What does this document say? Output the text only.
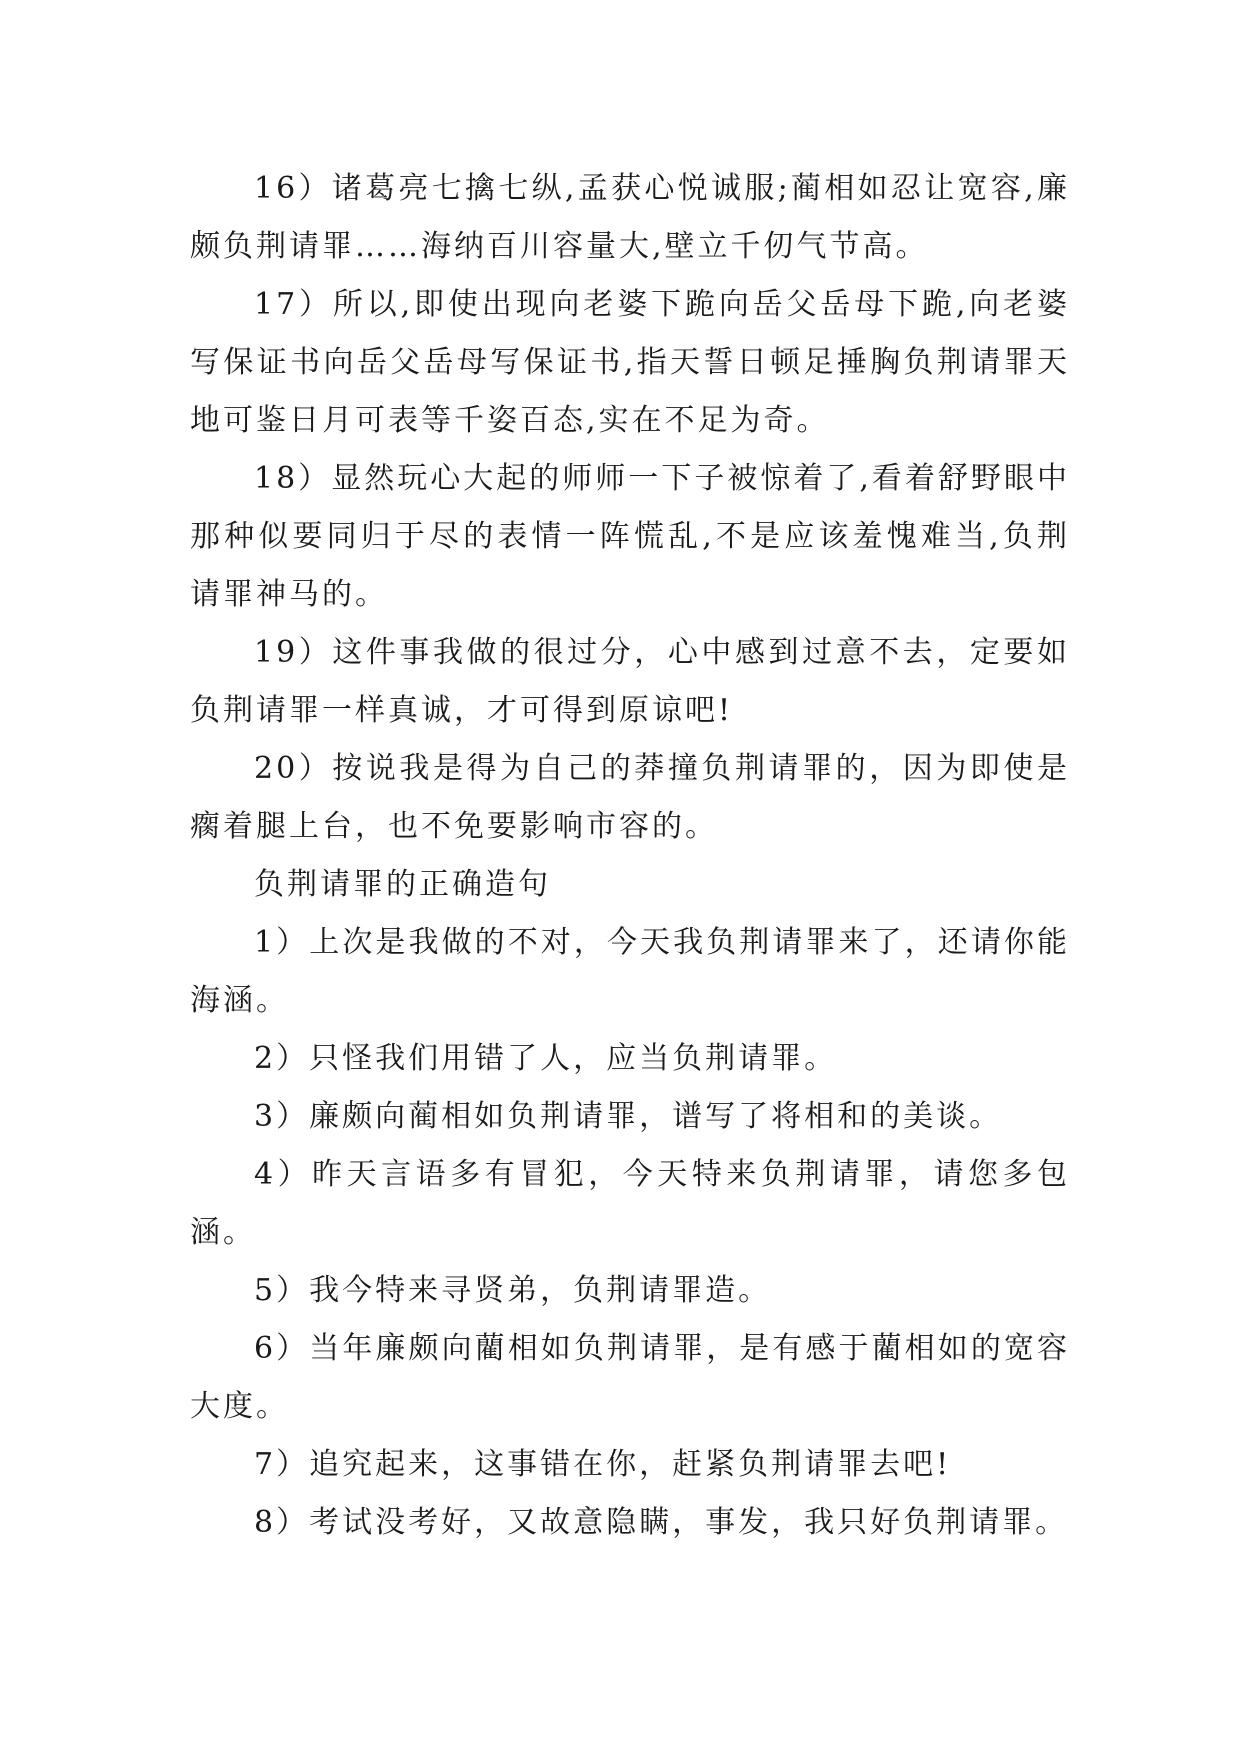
16）诸葛亮七擒七纵,孟获心悦诚服;蔺相如忍让宽容,廉颇负荆请罪……海纳百川容量大,壁立千仞气节高。

17）所以,即使出现向老婆下跪向岳父岳母下跪,向老婆写保证书向岳父岳母写保证书,指天誓日顿足捶胸负荆请罪天地可鉴日月可表等千姿百态,实在不足为奇。

18）显然玩心大起的师师一下子被惊着了,看着舒野眼中那种似要同归于尽的表情一阵慌乱,不是应该羞愧难当,负荆请罪神马的。

19）这件事我做的很过分，心中感到过意不去，定要如负荆请罪一样真诚，才可得到原谅吧!

20）按说我是得为自己的莽撞负荆请罪的，因为即使是瘸着腿上台，也不免要影响市容的。

负荆请罪的正确造句

1）上次是我做的不对，今天我负荆请罪来了，还请你能海涵。

2）只怪我们用错了人，应当负荆请罪。

3）廉颇向蔺相如负荆请罪，谱写了将相和的美谈。

4）昨天言语多有冒犯，今天特来负荆请罪，请您多包涵。

5）我今特来寻贤弟，负荆请罪造。

6）当年廉颇向藺相如负荆请罪，是有感于藺相如的宽容大度。

7）追究起来，这事错在你，赶紧负荆请罪去吧!

8）考试没考好，又故意隐瞒，事发，我只好负荆请罪。
